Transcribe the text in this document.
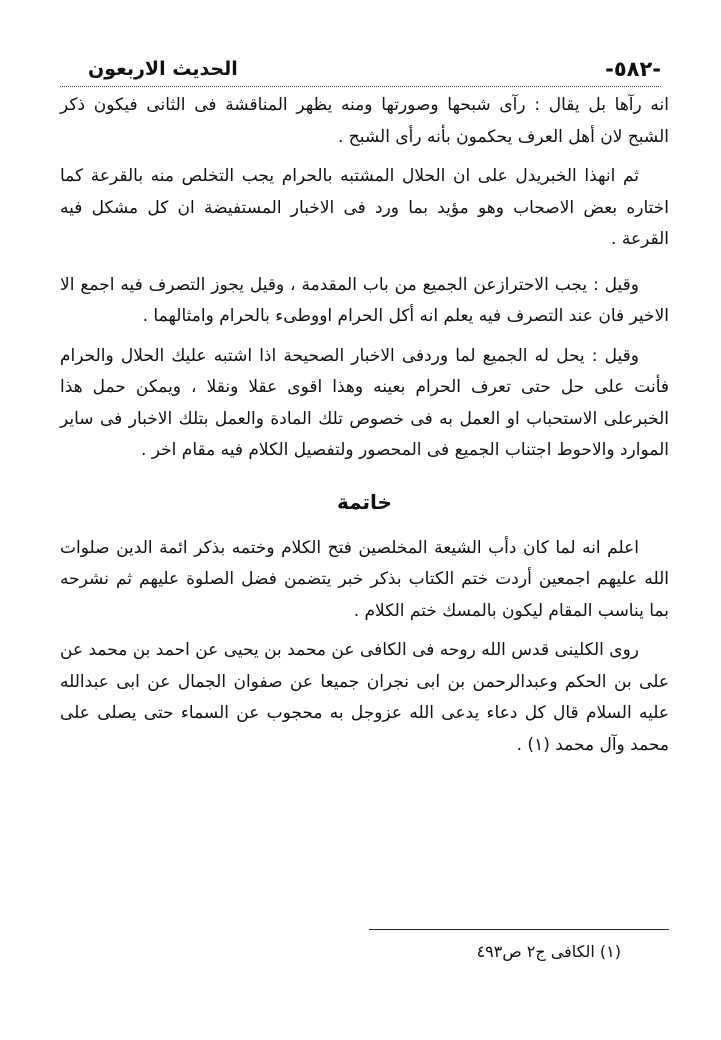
-٥٨٢-
الحديث الاربعون

انه رآها بل يقال : رآى شبحها وصورتها ومنه يظهر المناقشة فى الثانى فيكون ذكر الشبح لان أهل العرف يحكمون بأنه رأى الشبح .

ثم انهذا الخبريدل على ان الحلال المشتبه بالحرام يجب التخلص منه بالقرعة كما اختاره بعض الاصحاب وهو مؤيد بما ورد فى الاخبار المستفيضة ان كل مشكل فيه القرعة .

وقيل : يجب الاحترازعن الجميع من باب المقدمة ، وقيل يجوز التصرف فيه اجمع الا الاخير فان عند التصرف فيه يعلم انه أكل الحرام اووطىء بالحرام وامثالهما .

وقيل : يحل له الجميع لما وردفى الاخبار الصحيحة اذا اشتبه عليك الحلال والحرام فأنت على حل حتى تعرف الحرام بعينه وهذا اقوى عقلا ونقلا ، ويمكن حمل هذا الخبرعلى الاستحباب او العمل به فى خصوص تلك المادة والعمل بتلك الاخبار فى ساير الموارد والاحوط اجتناب الجميع فى المحصور ولتفصيل الكلام فيه مقام اخر .

خاتمة

اعلم انه لما كان دأب الشيعة المخلصين فتح الكلام وختمه بذكر ائمة الدين صلوات الله عليهم اجمعين أردت ختم الكتاب بذكر خبر يتضمن فضل الصلوة عليهم ثم نشرحه بما يناسب المقام ليكون بالمسك ختم الكلام .

روى الكلينى قدس الله روحه فى الكافى عن محمد بن يحيى عن احمد بن محمد عن على بن الحكم وعبدالرحمن بن ابى نجران جميعا عن صفوان الجمال عن ابى عبدالله عليه السلام قال كل دعاء يدعى الله عزوجل به محجوب عن السماء حتى يصلى على محمد وآل محمد (١) .

(١) الكافى ج٢ ص٤٩٣
